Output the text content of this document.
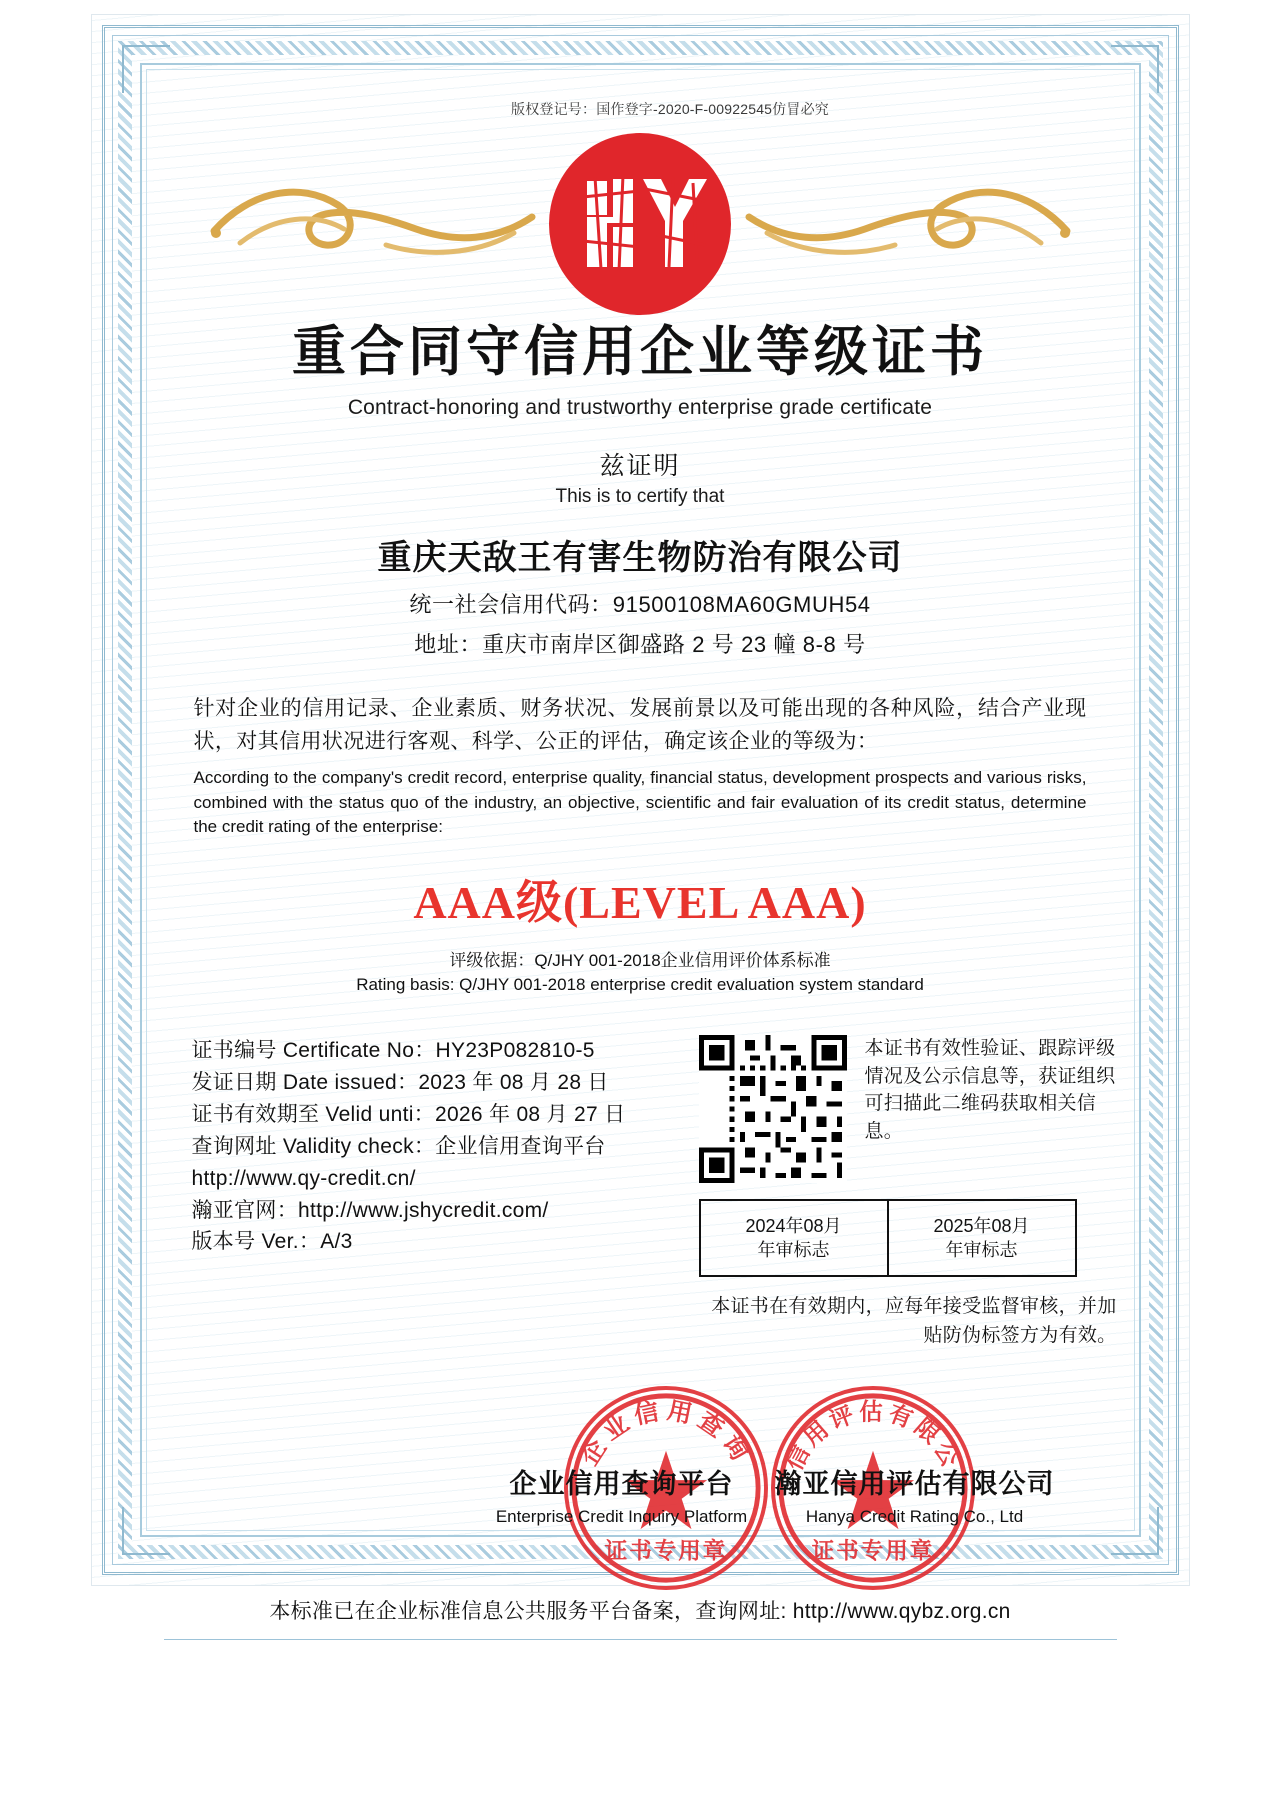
版权登记号：国作登字-2020-F-00922545仿冒必究
重合同守信用企业等级证书
Contract-honoring and trustworthy enterprise grade certificate
兹证明
This is to certify that
重庆天敌王有害生物防治有限公司
统一社会信用代码：91500108MA60GMUH54
地址：重庆市南岸区御盛路 2 号 23 幢 8-8 号
针对企业的信用记录、企业素质、财务状况、发展前景以及可能出现的各种风险，结合产业现状，对其信用状况进行客观、科学、公正的评估，确定该企业的等级为：
According to the company's credit record, enterprise quality, financial status, development prospects and various risks, combined with the status quo of the industry, an objective, scientific and fair evaluation of its credit status, determine the credit rating of the enterprise:
AAA级(LEVEL AAA)
评级依据：Q/JHY 001-2018企业信用评价体系标准
Rating basis: Q/JHY 001-2018 enterprise credit evaluation system standard
证书编号 Certificate No：HY23P082810-5
发证日期 Date issued：2023 年 08 月 28 日
证书有效期至 Velid unti：2026 年 08 月 27 日
查询网址 Validity check：企业信用查询平台
http://www.qy-credit.cn/
瀚亚官网：http://www.jshycredit.com/
版本号 Ver.：A/3
本证书有效性验证、跟踪评级情况及公示信息等，获证组织可扫描此二维码获取相关信息。
2024年08月
年审标志
2025年08月
年审标志
本证书在有效期内，应每年接受监督审核，并加贴防伪标签方为有效。
企业信用查询
证书专用章
信用评估有限公
证书专用章
企业信用查询平台
Enterprise Credit Inquiry Platform
瀚亚信用评估有限公司
Hanya Credit Rating Co., Ltd
本标准已在企业标准信息公共服务平台备案，查询网址: http://www.qybz.org.cn
